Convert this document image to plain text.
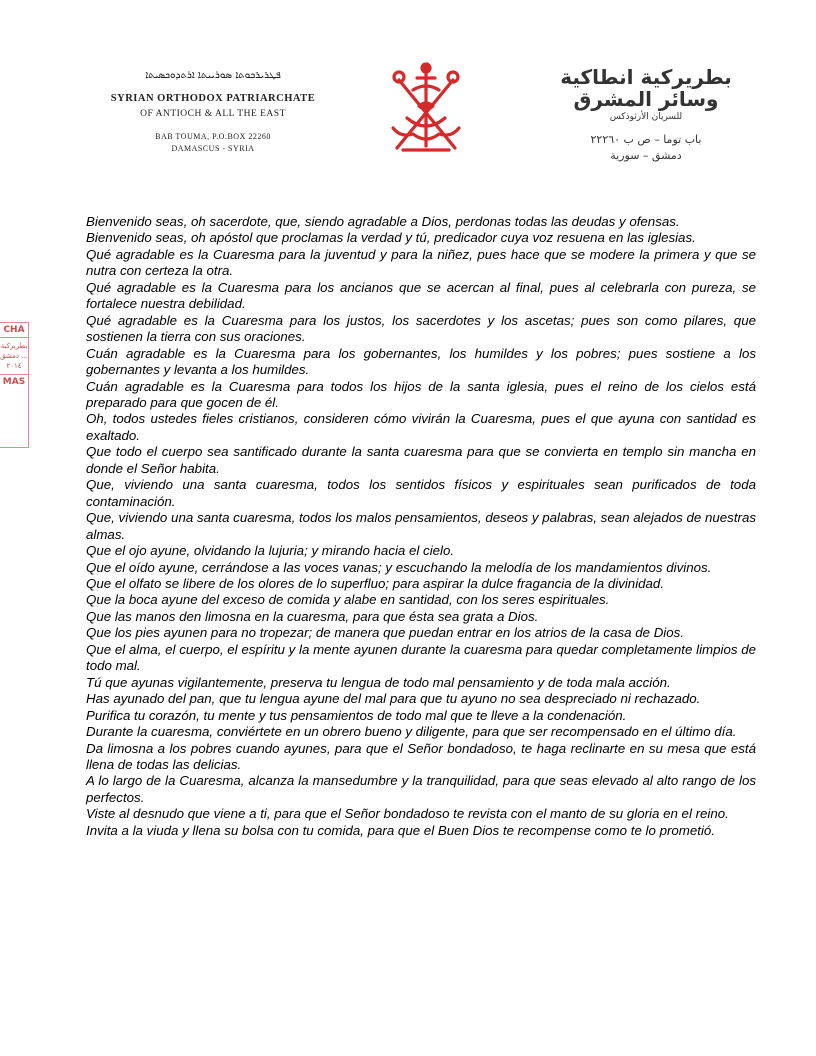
ܦܛܪܝܪܟܘܬܐ ܣܘܪܝܝܬܐ ܐܪܬܕܘܟܣܝܬܐ
SYRIAN ORTHODOX PATRIARCHATE
OF ANTIOCH & ALL THE EAST
BAB TOUMA, P.O.BOX 22260
DAMASCUS - SYRIA
بطريركية انطاكية وسائر المشرق
للسريان الأرثوذكس
باب توما – ص ب ٢٢٢٦٠
دمشق – سورية
CHA
بطريركية ... دمشق ٢٠١٤
MAS

Bienvenido seas, oh sacerdote, que, siendo agradable a Dios, perdonas todas las deudas y ofensas.

Bienvenido seas, oh apóstol que proclamas la verdad y tú, predicador cuya voz resuena en las iglesias.

Qué agradable es la Cuaresma para la juventud y para la niñez, pues hace que se modere la primera y que se nutra con certeza la otra.

Qué agradable es la Cuaresma para los ancianos que se acercan al final, pues al celebrarla con pureza, se fortalece nuestra debilidad.

Qué agradable es la Cuaresma para los justos, los sacerdotes y los ascetas; pues son como pilares, que sostienen la tierra con sus oraciones.

Cuán agradable es la Cuaresma para los gobernantes, los humildes y los pobres; pues sostiene a los gobernantes y levanta a los humildes.

Cuán agradable es la Cuaresma para todos los hijos de la santa iglesia, pues el reino de los cielos está preparado para que gocen de él.

Oh, todos ustedes fieles cristianos, consideren cómo vivirán la Cuaresma, pues el que ayuna con santidad es exaltado.

Que todo el cuerpo sea santificado durante la santa cuaresma para que se convierta en templo sin mancha en donde el Señor habita.

Que, viviendo una santa cuaresma, todos los sentidos físicos y espirituales sean purificados de toda contaminación.

Que, viviendo una santa cuaresma, todos los malos pensamientos, deseos y palabras, sean alejados de nuestras almas.

Que el ojo ayune, olvidando la lujuria; y mirando hacia el cielo.

Que el oído ayune, cerrándose a las voces vanas; y escuchando la melodía de los mandamientos divinos.

Que el olfato se libere de los olores de lo superfluo; para aspirar la dulce fragancia de la divinidad.

Que la boca ayune del exceso de comida y alabe en santidad, con los seres espirituales.

Que las manos den limosna en la cuaresma, para que ésta sea grata a Dios.

Que los pies ayunen para no tropezar; de manera que puedan entrar en los atrios de la casa de Dios.

Que el alma, el cuerpo, el espíritu y la mente ayunen durante la cuaresma para quedar completamente limpios de todo mal.

Tú que ayunas vigilantemente, preserva tu lengua de todo mal pensamiento y de toda mala acción.

Has ayunado del pan, que tu lengua ayune del mal para que tu ayuno no sea despreciado ni rechazado.

Purifica tu corazón, tu mente y tus pensamientos de todo mal que te lleve a la condenación.

Durante la cuaresma, conviértete en un obrero bueno y diligente, para que ser recompensado en el último día.

Da limosna a los pobres cuando ayunes, para que el Señor bondadoso, te haga reclinarte en su mesa que está llena de todas las delicias.

A lo largo de la Cuaresma, alcanza la mansedumbre y la tranquilidad, para que seas elevado al alto rango de los perfectos.

Viste al desnudo que viene a ti, para que el Señor bondadoso te revista con el manto de su gloria en el reino.

Invita a la viuda y llena su bolsa con tu comida, para que el Buen Dios te recompense como te lo prometió.
